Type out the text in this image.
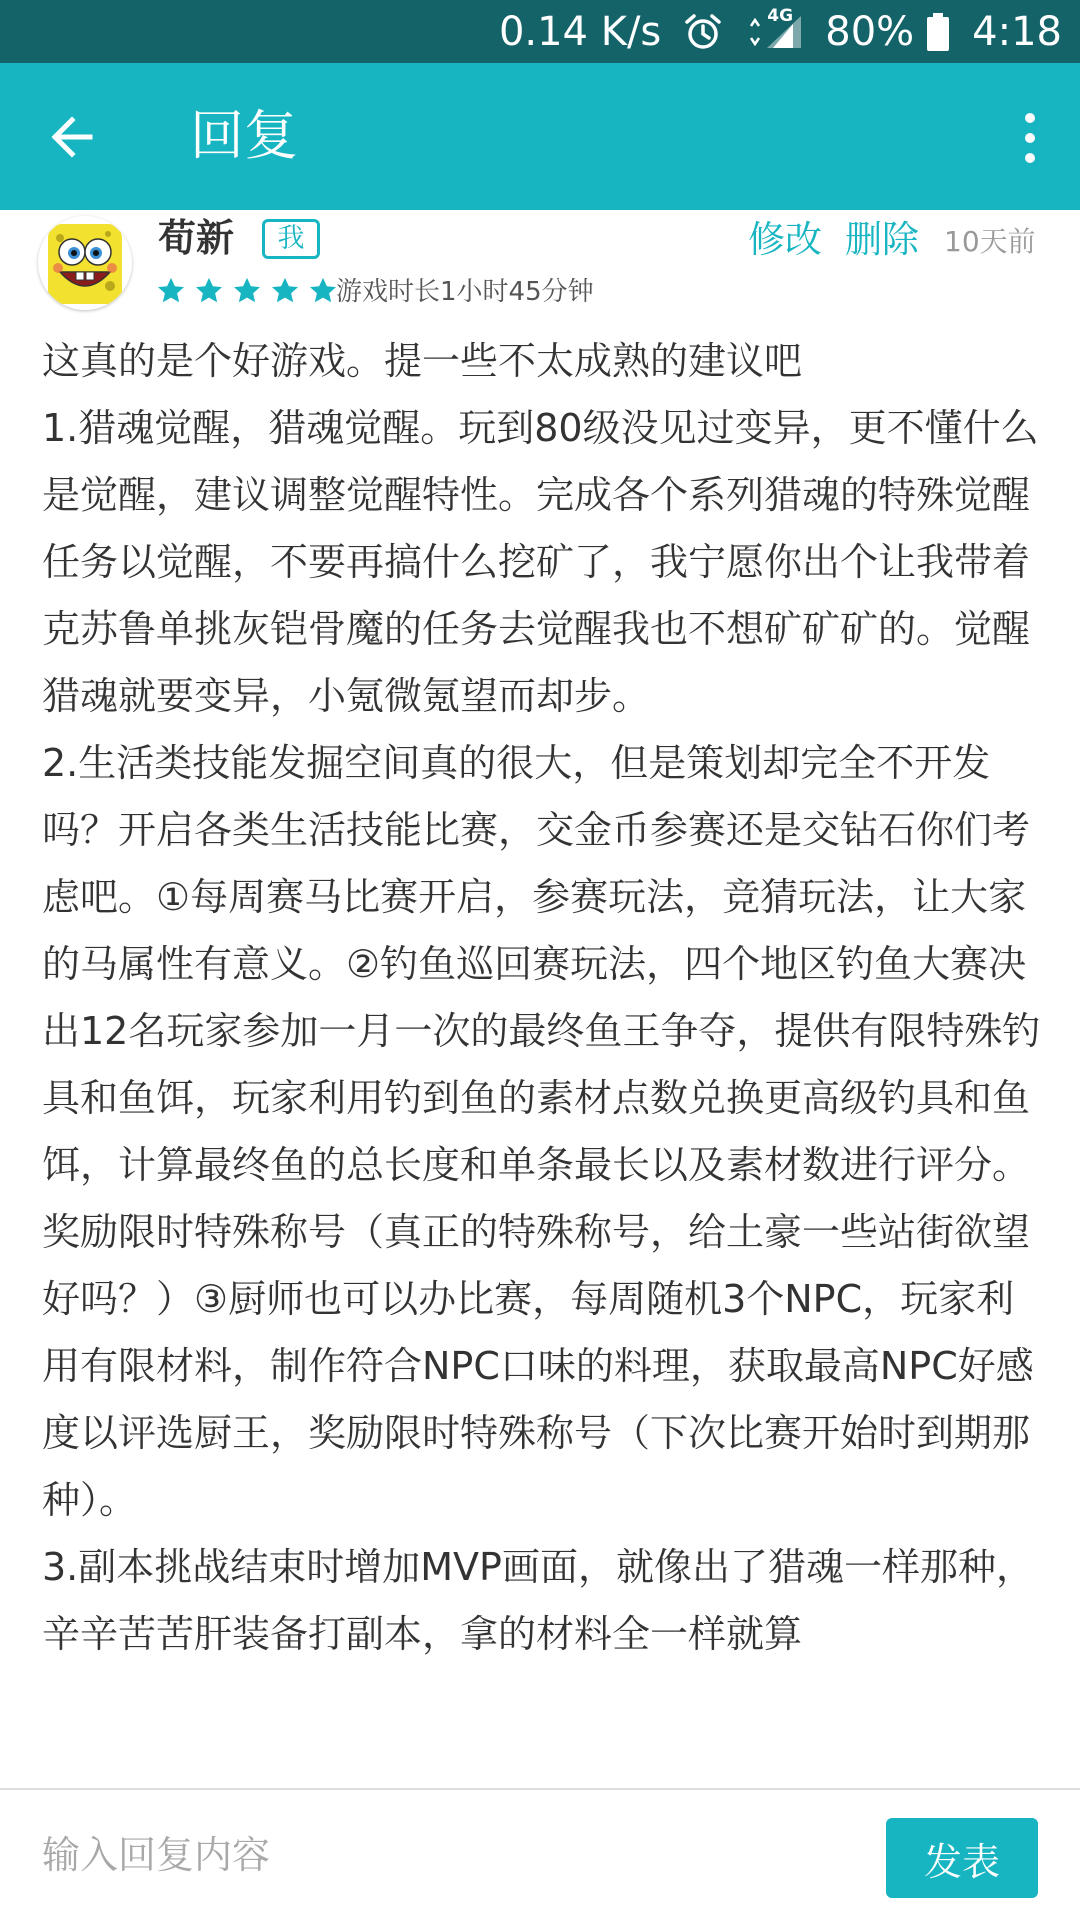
0.14 K/s	4G 80% 4:18
回复
荀新	我	修改 删除 10天前
游戏时长1小时45分钟
这真的是个好游戏。提一些不太成熟的建议吧
1.猎魂觉醒，猎魂觉醒。玩到80级没见过变异，更不懂什么是觉醒，建议调整觉醒特性。完成各个系列猎魂的特殊觉醒任务以觉醒，不要再搞什么挖矿了，我宁愿你出个让我带着克苏鲁单挑灰铠骨魔的任务去觉醒我也不想矿矿矿的。觉醒猎魂就要变异，小氪微氪望而却步。
2.生活类技能发掘空间真的很大，但是策划却完全不开发吗？开启各类生活技能比赛，交金币参赛还是交钻石你们考虑吧。①每周赛马比赛开启，参赛玩法，竞猜玩法，让大家的马属性有意义。②钓鱼巡回赛玩法，四个地区钓鱼大赛决出12名玩家参加一月一次的最终鱼王争夺，提供有限特殊钓具和鱼饵，玩家利用钓到鱼的素材点数兑换更高级钓具和鱼饵，计算最终鱼的总长度和单条最长以及素材数进行评分。奖励限时特殊称号（真正的特殊称号，给土豪一些站街欲望好吗？）③厨师也可以办比赛，每周随机3个NPC，玩家利用有限材料，制作符合NPC口味的料理，获取最高NPC好感度以评选厨王，奖励限时特殊称号（下次比赛开始时到期那种）。
3.副本挑战结束时增加MVP画面，就像出了猎魂一样那种，辛辛苦苦肝装备打副本，拿的材料全一样就算
输入回复内容
发表
